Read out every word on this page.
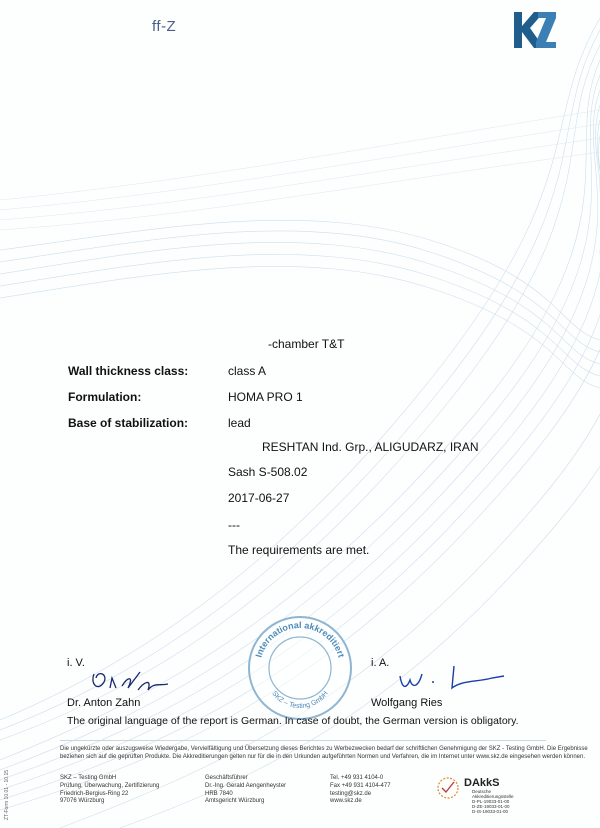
ff-Z
-chamber T&T
Wall thickness class:	class A
Formulation:	HOMA PRO 1
Base of stabilization:	lead
RESHTAN Ind. Grp., ALIGUDARZ, IRAN
Sash S-508.02
2017-06-27
---
The requirements are met.
i. V.
Dr. Anton Zahn
i. A.
Wolfgang Ries
International akkreditiert
SKZ – Testing GmbH
The original language of the report is German. In case of doubt, the German version is obligatory.
Die ungekürzte oder auszugsweise Wiedergabe, Vervielfältigung und Übersetzung dieses Berichtes zu Werbezwecken bedarf der schriftlichen Genehmigung der SKZ - Testing GmbH. Die Ergebnisse
beziehen sich auf die geprüften Produkte. Die Akkreditierungen gelten nur für die in den Urkunden aufgeführten Normen und Verfahren, die im Internet unter www.skz.de eingesehen werden können.
SKZ – Testing GmbH
Prüfung, Überwachung, Zertifizierung
Friedrich-Bergius-Ring 22
97076 Würzburg
Geschäftsführer
Dr.-Ing. Gerald Aengenheyster
HRB 7840
Amtsgericht Würzburg
Tel. +49 931 4104-0
Fax +49 931 4104-477
testing@skz.de
www.skz.de
DAkkS
Deutsche
Akkreditierungsstelle
D-PL-19033-01-00
D-ZE-19033-01-00
D-IS-19033-01-00
ZT-Form 10.01 - 10.15
